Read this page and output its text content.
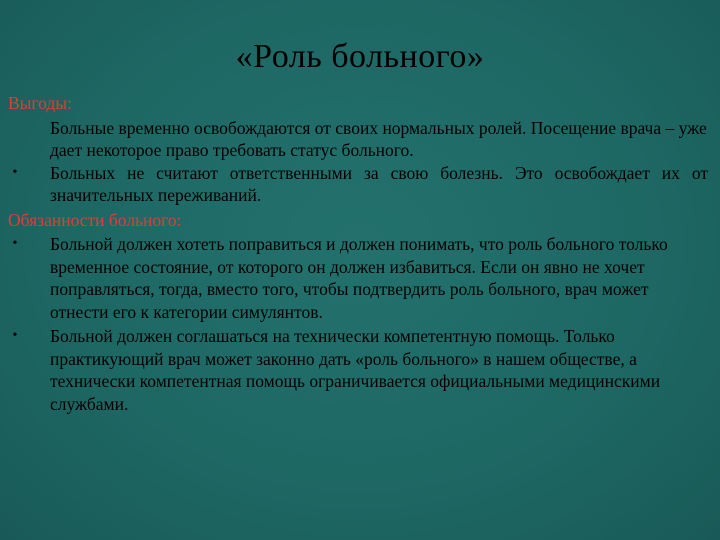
«Роль больного»
Выгоды:

Больные временно освобождаются от своих нормальных ролей. Посещение врача – уже дает некоторое право требовать статус больного.

• Больных не считают ответственными за свою болезнь. Это освобождает их от значительных переживаний.
Обязанности больного:
• Больной должен хотеть поправиться и должен понимать, что роль больного только временное состояние, от которого он должен избавиться. Если он явно не хочет поправляться, тогда, вместо того, чтобы подтвердить роль больного, врач может отнести его к категории симулянтов.
• Больной должен соглашаться на технически компетентную помощь. Только практикующий врач может законно дать «роль больного» в нашем обществе, а технически компетентная помощь ограничивается официальными медицинскими службами.
